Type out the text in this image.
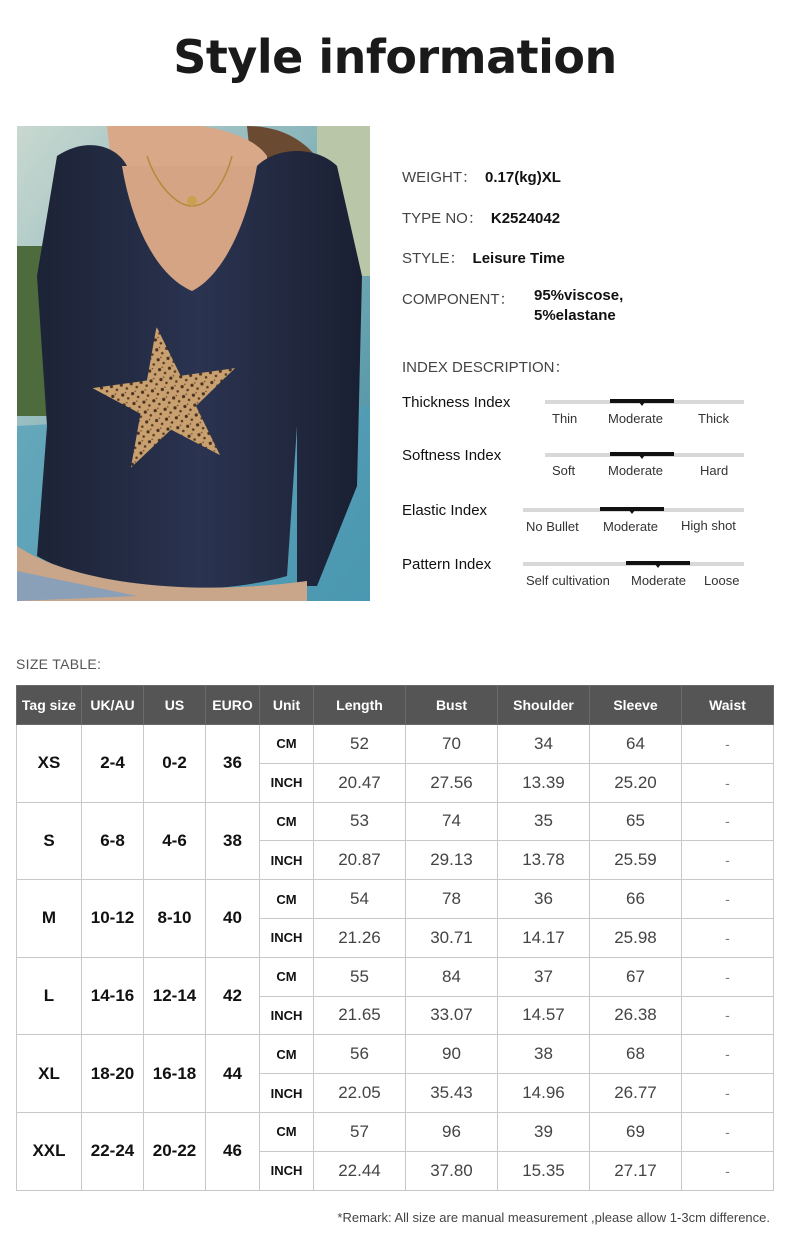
Style information
WEIGHT： 0.17(kg)XL
TYPE NO： K2524042
STYLE： Leisure Time
COMPONENT： 95%viscose,
5%elastane
INDEX DESCRIPTION：
Thickness Index
Thin Moderate	Thick
Softness Index
Soft	Moderate	Hard
Elastic Index
No Bullet Moderate High shot
Pattern Index
Self cultivation Moderate Loose
SIZE TABLE:
Tag size	UK/AU	US	EURO	Unit	Length	Bust	Shoulder	Sleeve	Waist
XS	2-4	0-2	36	CM	52	70	34	64	-
				INCH	20.47	27.56	13.39	25.20	-
S	6-8	4-6	38	CM	53	74	35	65	-
				INCH	20.87	29.13	13.78	25.59	-
M	10-12	8-10	40	CM	54	78	36	66	-
				INCH	21.26	30.71	14.17	25.98	-
L	14-16	12-14	42	CM	55	84	37	67	-
				INCH	21.65	33.07	14.57	26.38	-
XL	18-20	16-18	44	CM	56	90	38	68	-
				INCH	22.05	35.43	14.96	26.77	-
XXL	22-24	20-22	46	CM	57	96	39	69	-
				INCH	22.44	37.80	15.35	27.17	-
*Remark: All size are manual measurement ,please allow 1-3cm difference.
